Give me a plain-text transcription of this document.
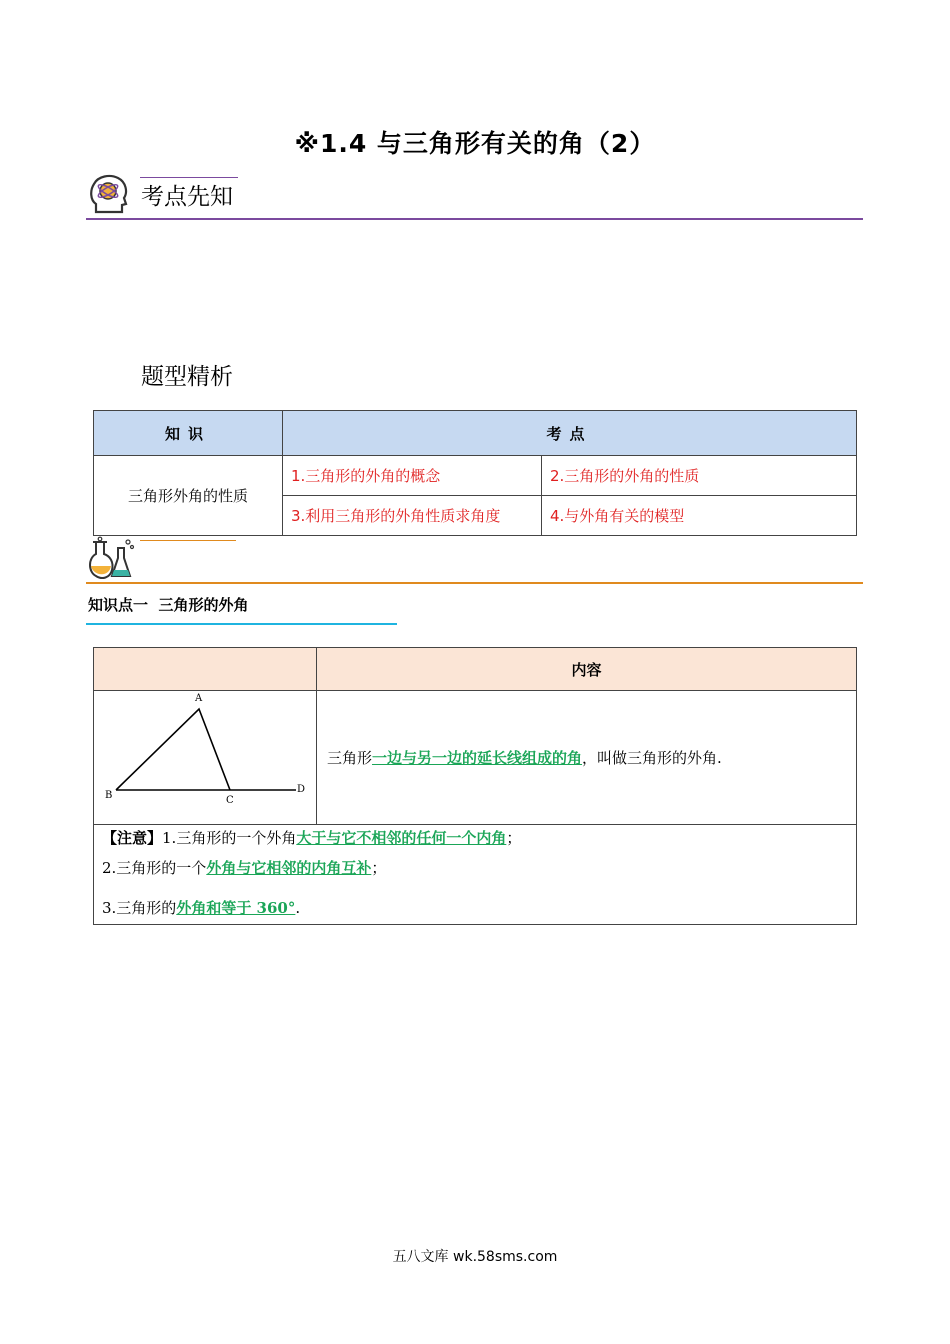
※1.4 与三角形有关的角（2）
考点先知
题型精析
知识	考点	
三角形外角的性质	1.三角形的外角的概念	2.三角形的外角的性质
	3.利用三角形的外角性质求角度	4.与外角有关的模型
知识点一  三角形的外角
	内容

A
B C
D	三角形一边与另一边的延长线组成的角，叫做三角形的外角.

【注意】1.三角形的一个外角大于与它不相邻的任何一个内角；
2.三角形的一个外角与它相邻的内角互补；
3.三角形的外角和等于 360°.	
五八文库 wk.58sms.com
